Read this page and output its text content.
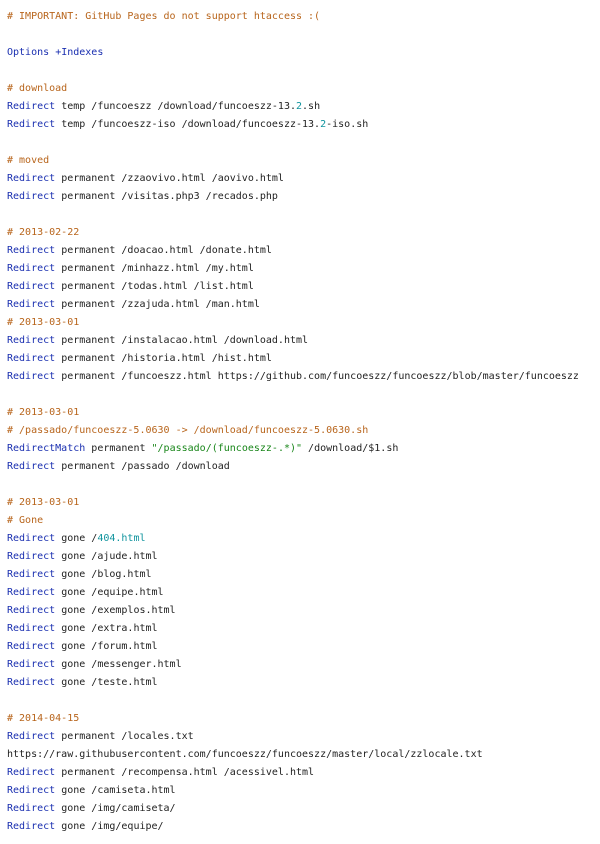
# IMPORTANT: GitHub Pages do not support htaccess :(
Options +Indexes
# download
Redirect temp /funcoeszz /download/funcoeszz-13.2.sh
Redirect temp /funcoeszz-iso /download/funcoeszz-13.2-iso.sh
# moved
Redirect permanent /zzaovivo.html /aovivo.html
Redirect permanent /visitas.php3 /recados.php
# 2013-02-22
Redirect permanent /doacao.html /donate.html
Redirect permanent /minhazz.html /my.html
Redirect permanent /todas.html /list.html
Redirect permanent /zzajuda.html /man.html
# 2013-03-01
Redirect permanent /instalacao.html /download.html
Redirect permanent /historia.html /hist.html
Redirect permanent /funcoeszz.html https://github.com/funcoeszz/funcoeszz/blob/master/funcoeszz
# 2013-03-01
# /passado/funcoeszz-5.0630 -> /download/funcoeszz-5.0630.sh
RedirectMatch permanent "/passado/(funcoeszz-.*)" /download/$1.sh
Redirect permanent /passado /download
# 2013-03-01
# Gone
Redirect gone /404.html
Redirect gone /ajude.html
Redirect gone /blog.html
Redirect gone /equipe.html
Redirect gone /exemplos.html
Redirect gone /extra.html
Redirect gone /forum.html
Redirect gone /messenger.html
Redirect gone /teste.html
# 2014-04-15
Redirect permanent /locales.txt
https://raw.githubusercontent.com/funcoeszz/funcoeszz/master/local/zzlocale.txt
Redirect permanent /recompensa.html /acessivel.html
Redirect gone /camiseta.html
Redirect gone /img/camiseta/
Redirect gone /img/equipe/
